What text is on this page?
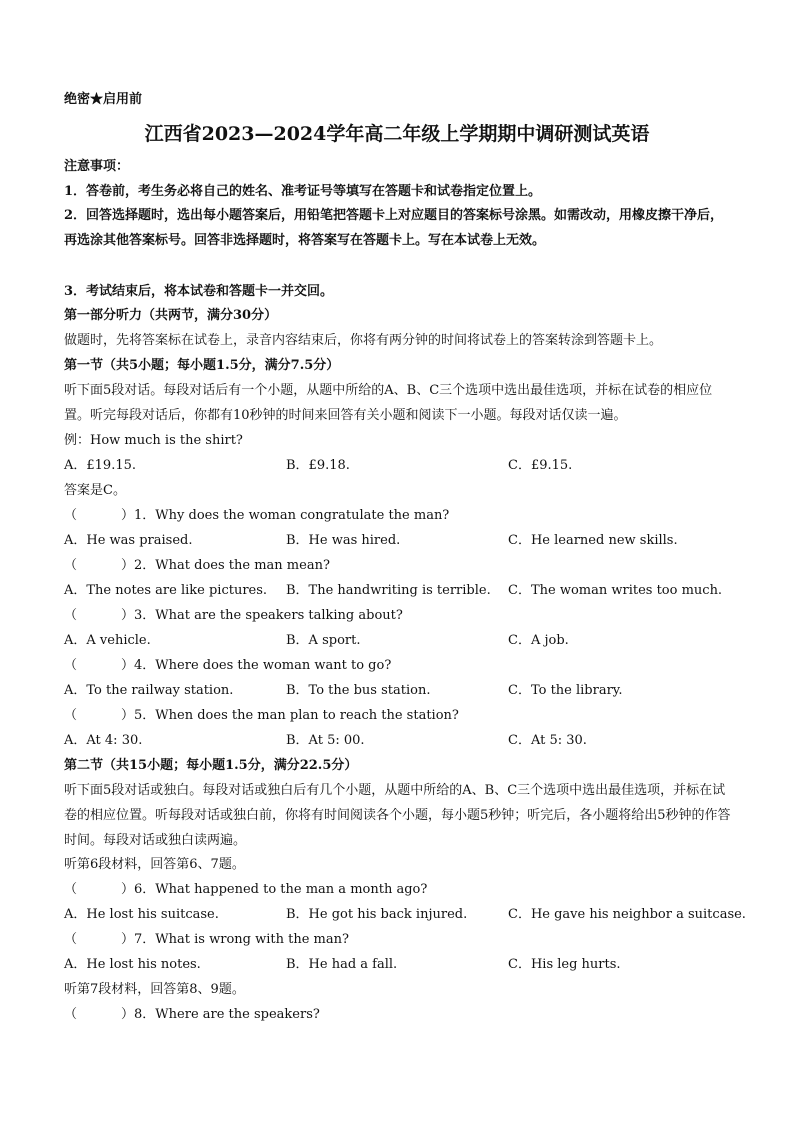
绝密★启用前
江西省2023—2024学年高二年级上学期期中调研测试英语
注意事项：
1．答卷前，考生务必将自己的姓名、准考证号等填写在答题卡和试卷指定位置上。
2．回答选择题时，选出每小题答案后，用铅笔把答题卡上对应题目的答案标号涂黑。如需改动，用橡皮擦干净后，再选涂其他答案标号。回答非选择题时，将答案写在答题卡上。写在本试卷上无效。
3．考试结束后，将本试卷和答题卡一并交回。
第一部分听力（共两节，满分30分）
做题时，先将答案标在试卷上，录音内容结束后，你将有两分钟的时间将试卷上的答案转涂到答题卡上。
第一节（共5小题；每小题1.5分，满分7.5分）
听下面5段对话。每段对话后有一个小题，从题中所给的A、B、C三个选项中选出最佳选项，并标在试卷的相应位置。听完每段对话后，你都有10秒钟的时间来回答有关小题和阅读下一小题。每段对话仅读一遍。
例：How much is the shirt?
A．£19.15.	B．£9.18.	C．£9.15.
答案是C。
（	）1．Why does the woman congratulate the man?
A．He was praised.	B．He was hired.	C．He learned new skills.
（	）2．What does the man mean?
A．The notes are like pictures. B．The handwriting is terrible. C．The woman writes too much.
（	）3．What are the speakers talking about?
A．A vehicle.	B．A sport.	C．A job.
（	）4．Where does the woman want to go?
A．To the railway station.	B．To the bus station.	C．To the library.
（	）5．When does the man plan to reach the station?
A．At 4: 30.	B．At 5: 00.	C．At 5: 30.
第二节（共15小题；每小题1.5分，满分22.5分）
听下面5段对话或独白。每段对话或独白后有几个小题，从题中所给的A、B、C三个选项中选出最佳选项，并标在试卷的相应位置。听每段对话或独白前，你将有时间阅读各个小题，每小题5秒钟；听完后，各小题将给出5秒钟的作答时间。每段对话或独白读两遍。
听第6段材料，回答第6、7题。
（	）6．What happened to the man a month ago?
A．He lost his suitcase.	B．He got his back injured.	C．He gave his neighbor a suitcase.
（	）7．What is wrong with the man?
A．He lost his notes.	B．He had a fall.	C．His leg hurts.
听第7段材料，回答第8、9题。
（	）8．Where are the speakers?
